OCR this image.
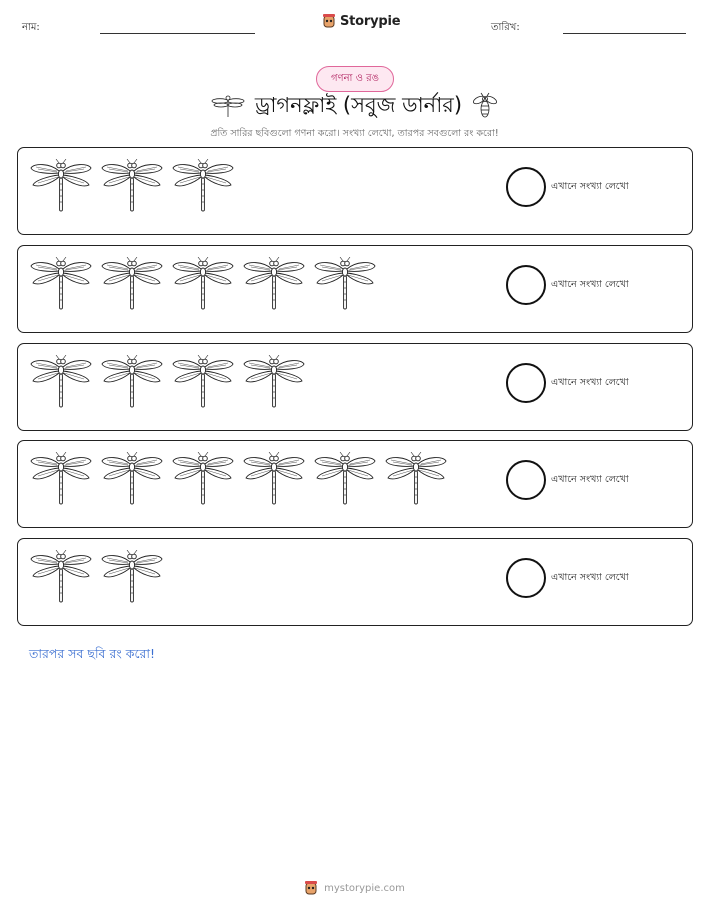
নাম:	Storypie	তারিখ:
গণনা ও রঙ
ড্রাগনফ্লাই (সবুজ ডার্নার)
প্রতি সারির ছবিগুলো গণনা করো। সংখ্যা লেখো, তারপর সবগুলো রং করো!
এখানে সংখ্যা লেখো
এখানে সংখ্যা লেখো
এখানে সংখ্যা লেখো
এখানে সংখ্যা লেখো
এখানে সংখ্যা লেখো
তারপর সব ছবি রং করো!
mystorypie.com
